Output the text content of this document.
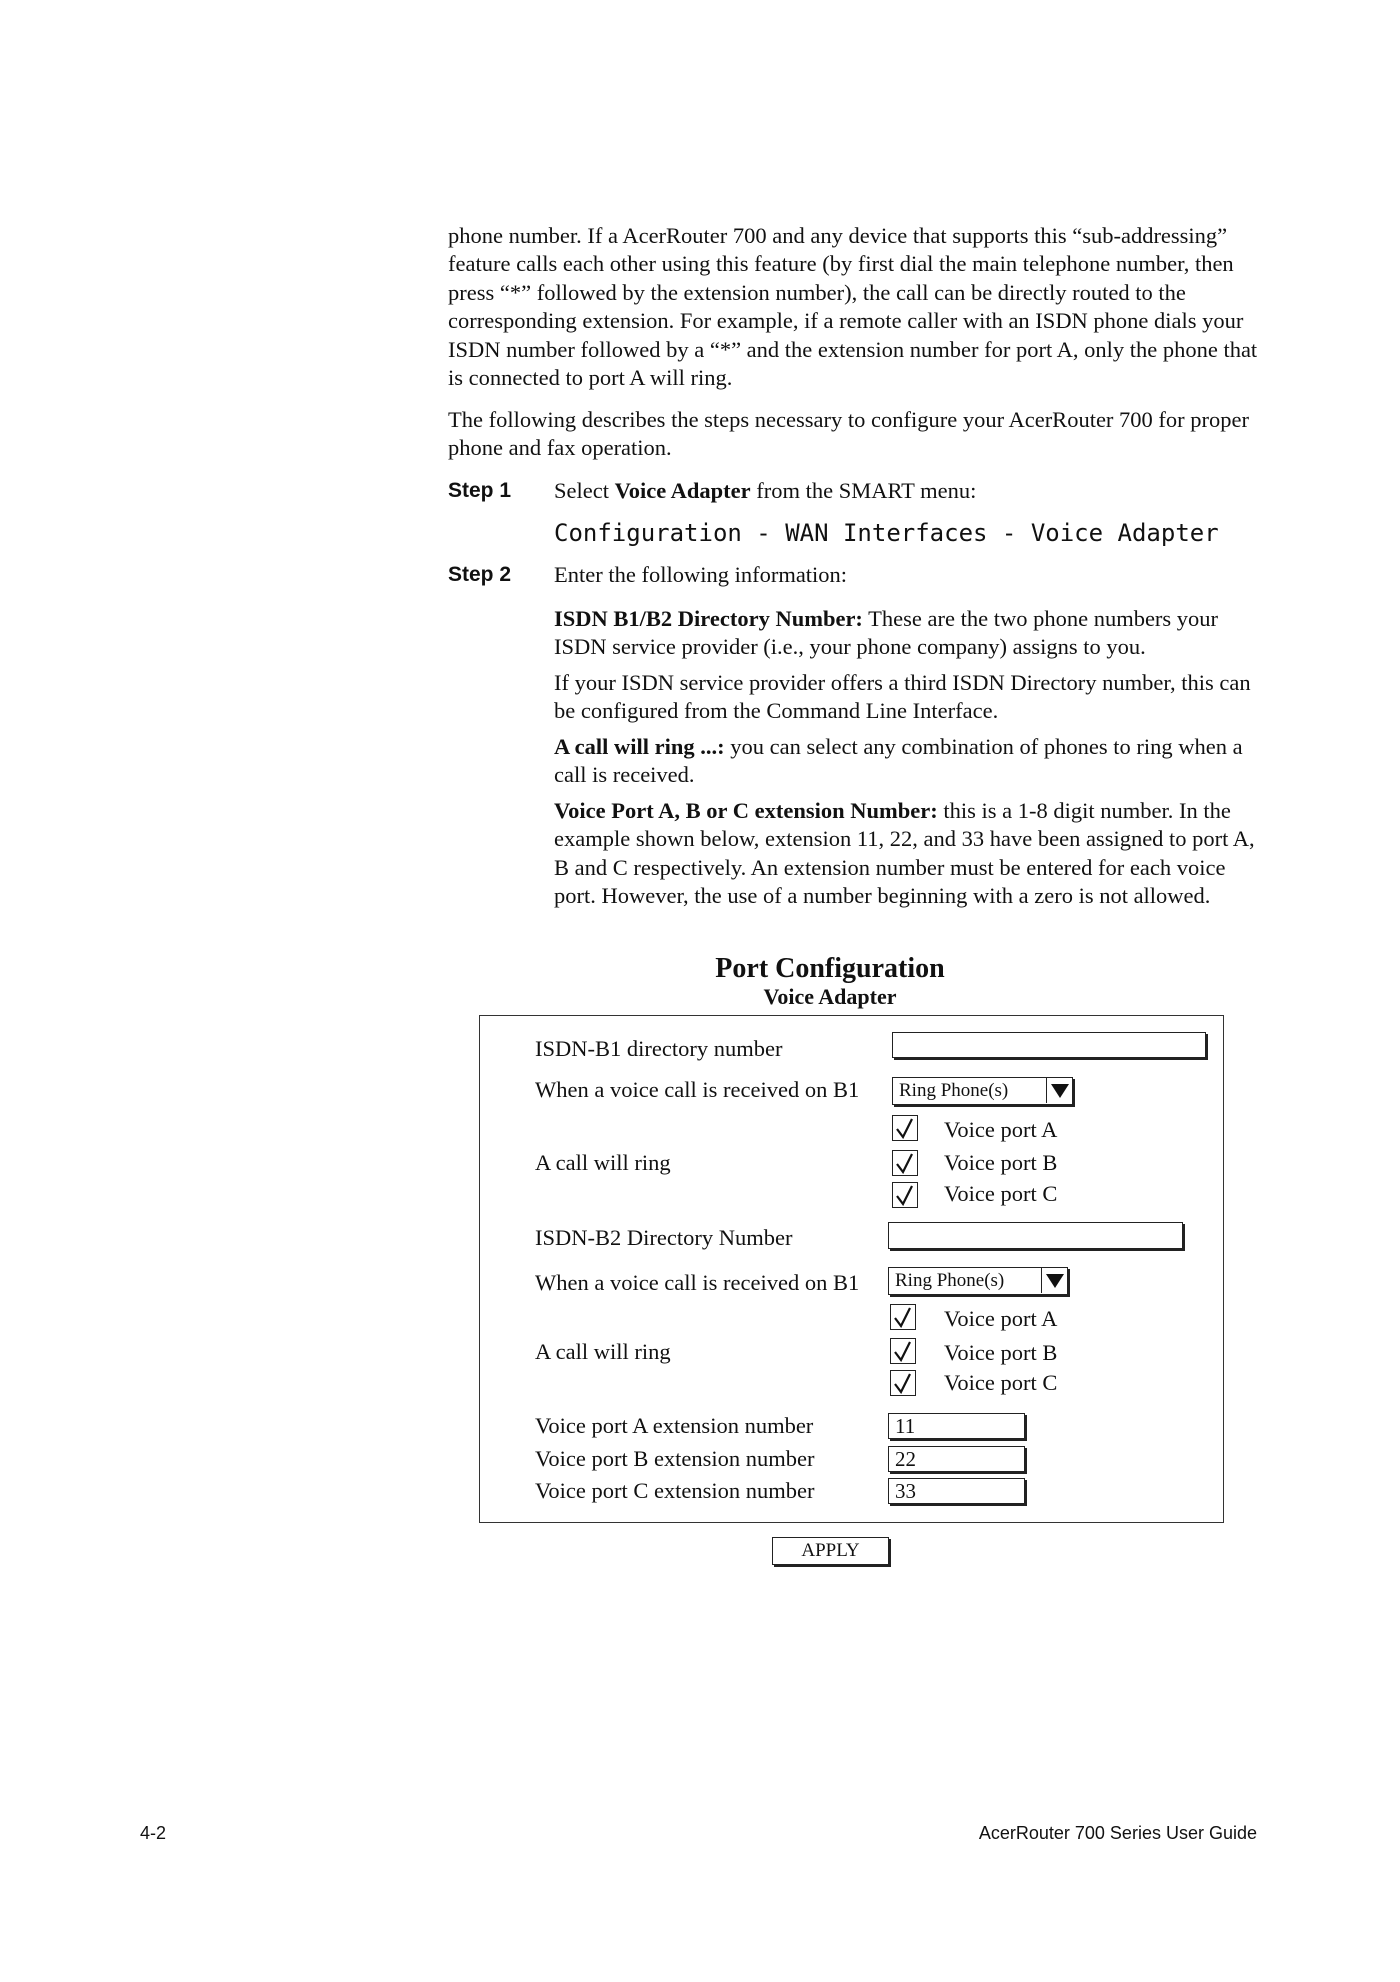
phone number. If a AcerRouter 700 and any device that supports this “sub-addressing” feature calls each other using this feature (by first dial the main telephone number, then press “*” followed by the extension number), the call can be directly routed to the corresponding extension. For example, if a remote caller with an ISDN phone dials your ISDN number followed by a “*” and the extension number for port A, only the phone that is connected to port A will ring.
The following describes the steps necessary to configure your AcerRouter 700 for proper phone and fax operation.
Step 1 Select Voice Adapter from the SMART menu:
Configuration - WAN Interfaces - Voice Adapter
Step 2 Enter the following information:
ISDN B1/B2 Directory Number: These are the two phone numbers your ISDN service provider (i.e., your phone company) assigns to you.
If your ISDN service provider offers a third ISDN Directory number, this can be configured from the Command Line Interface.
A call will ring ...: you can select any combination of phones to ring when a call is received.
Voice Port A, B or C extension Number: this is a 1-8 digit number. In the example shown below, extension 11, 22, and 33 have been assigned to port A, B and C respectively. An extension number must be entered for each voice port. However, the use of a number beginning with a zero is not allowed.
Port Configuration
Voice Adapter
ISDN-B1 directory number
When a voice call is received on B1 Ring Phone(s)
Voice port A
A call will ring	Voice port B
Voice port C
ISDN-B2 Directory Number
When a voice call is received on B1 Ring Phone(s)
Voice port A
A call will ring	Voice port B
Voice port C
Voice port A extension number	11
Voice port B extension number	22
Voice port C extension number	33
APPLY
4-2	AcerRouter 700 Series User Guide
